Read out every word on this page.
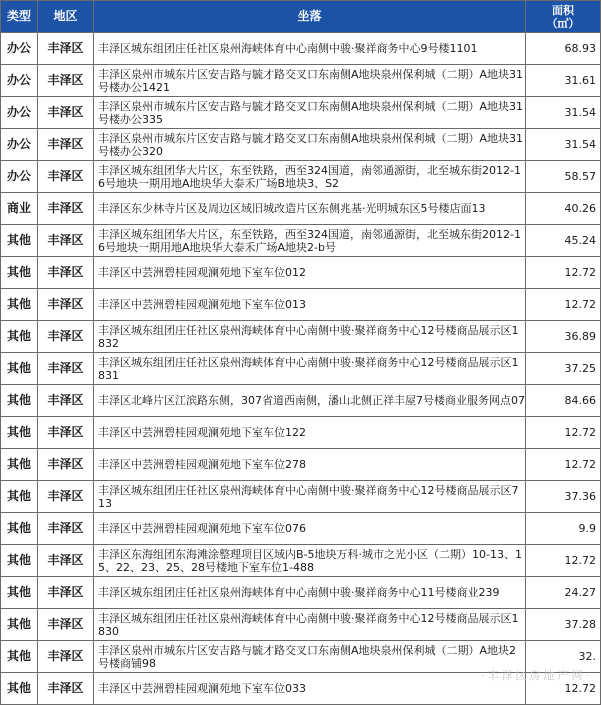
类型	地区	坐落	面积
（㎡）
办公	丰泽区	丰泽区城东组团庄任社区泉州海峡体育中心南侧中骏·聚祥商务中心9号楼1101	68.93
办公	丰泽区	丰泽区泉州市城东片区安吉路与毓才路交叉口东南侧A地块泉州保利城（二期）A地块31号楼办公1421	31.61
办公	丰泽区	丰泽区泉州市城东片区安吉路与毓才路交叉口东南侧A地块泉州保利城（二期）A地块31号楼办公335	31.54
办公	丰泽区	丰泽区泉州市城东片区安吉路与毓才路交叉口东南侧A地块泉州保利城（二期）A地块31号楼办公320	31.54
办公	丰泽区	丰泽区城东组团华大片区，东至铁路，西至324国道，南邻通源街，北至城东街2012-16号地块一期用地A地块华大泰禾广场B地块3、S2	58.57
商业	丰泽区	丰泽区东少林寺片区及周边区域旧城改造片区东侧兆基·光明城东区5号楼店面13	40.26
其他	丰泽区	丰泽区城东组团华大片区，东至铁路，西至324国道，南邻通源街，北至城东街2012-16号地块一期用地A地块华大泰禾广场A地块2-b号	45.24
其他	丰泽区	丰泽区中芸洲碧桂园观澜苑地下室车位012	12.72
其他	丰泽区	丰泽区中芸洲碧桂园观澜苑地下室车位013	12.72
其他	丰泽区	丰泽区城东组团庄任社区泉州海峡体育中心南侧中骏·聚祥商务中心12号楼商品展示区1832	36.89
其他	丰泽区	丰泽区城东组团庄任社区泉州海峡体育中心南侧中骏·聚祥商务中心12号楼商品展示区1831	37.25
其他	丰泽区	丰泽区北峰片区江滨路东侧，307省道西南侧，潘山北侧正祥丰屋7号楼商业服务网点07	84.66
其他	丰泽区	丰泽区中芸洲碧桂园观澜苑地下室车位122	12.72
其他	丰泽区	丰泽区中芸洲碧桂园观澜苑地下室车位278	12.72
其他	丰泽区	丰泽区城东组团庄任社区泉州海峡体育中心南侧中骏·聚祥商务中心12号楼商品展示区713	37.36
其他	丰泽区	丰泽区中芸洲碧桂园观澜苑地下室车位076	9.9
其他	丰泽区	丰泽区东海组团东海滩涂整理项目区域内B-5地块万科·城市之光小区（二期）10-13、15、22、23、25、28号楼地下室车位1-488	12.72
其他	丰泽区	丰泽区城东组团庄任社区泉州海峡体育中心南侧中骏·聚祥商务中心11号楼商业239	24.27
其他	丰泽区	丰泽区城东组团庄任社区泉州海峡体育中心南侧中骏·聚祥商务中心12号楼商品展示区1830	37.28
其他	丰泽区	丰泽区泉州市城东片区安吉路与毓才路交叉口东南侧A地块泉州保利城（二期）A地块2号楼商铺98	32.
其他	丰泽区	丰泽区中芸洲碧桂园观澜苑地下室车位033	12.72
·丰泽区房地产网·
